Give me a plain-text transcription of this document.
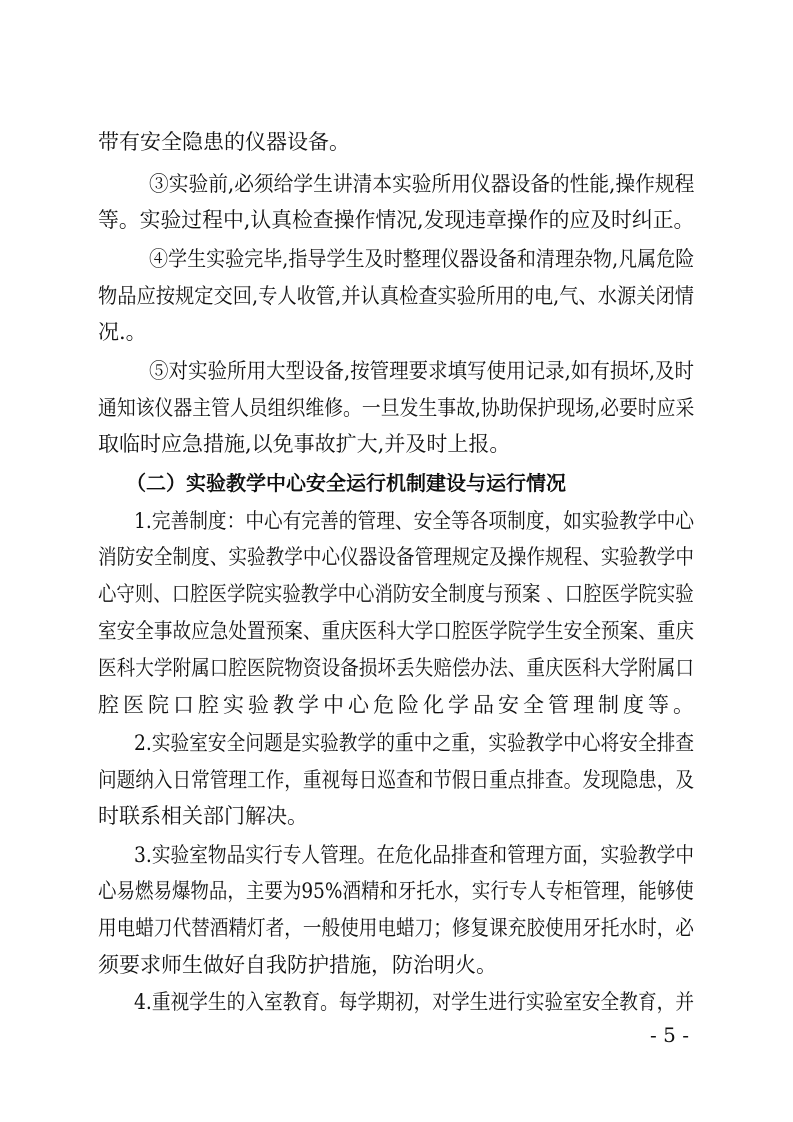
带有安全隐患的仪器设备。
③实验前,必须给学生讲清本实验所用仪器设备的性能,操作规程
等。实验过程中,认真检查操作情况,发现违章操作的应及时纠正。
④学生实验完毕,指导学生及时整理仪器设备和清理杂物,凡属危险
物品应按规定交回,专人收管,并认真检查实验所用的电,气、水源关闭情
况.。
⑤对实验所用大型设备,按管理要求填写使用记录,如有损坏,及时
通知该仪器主管人员组织维修。一旦发生事故,协助保护现场,必要时应采
取临时应急措施,以免事故扩大,并及时上报。
（二）实验教学中心安全运行机制建设与运行情况
1.完善制度：中心有完善的管理、安全等各项制度，如实验教学中心
消防安全制度、实验教学中心仪器设备管理规定及操作规程、实验教学中
心守则、口腔医学院实验教学中心消防安全制度与预案 、口腔医学院实验
室安全事故应急处置预案、重庆医科大学口腔医学院学生安全预案、重庆
医科大学附属口腔医院物资设备损坏丢失赔偿办法、重庆医科大学附属口
腔医院口腔实验教学中心危险化学品安全管理制度等。
2.实验室安全问题是实验教学的重中之重，实验教学中心将安全排查
问题纳入日常管理工作，重视每日巡查和节假日重点排查。发现隐患，及
时联系相关部门解决。
3.实验室物品实行专人管理。在危化品排查和管理方面，实验教学中
心易燃易爆物品，主要为95%酒精和牙托水，实行专人专柜管理，能够使
用电蜡刀代替酒精灯者，一般使用电蜡刀；修复课充胶使用牙托水时，必
须要求师生做好自我防护措施，防治明火。
4.重视学生的入室教育。每学期初，对学生进行实验室安全教育，并
- 5 -
